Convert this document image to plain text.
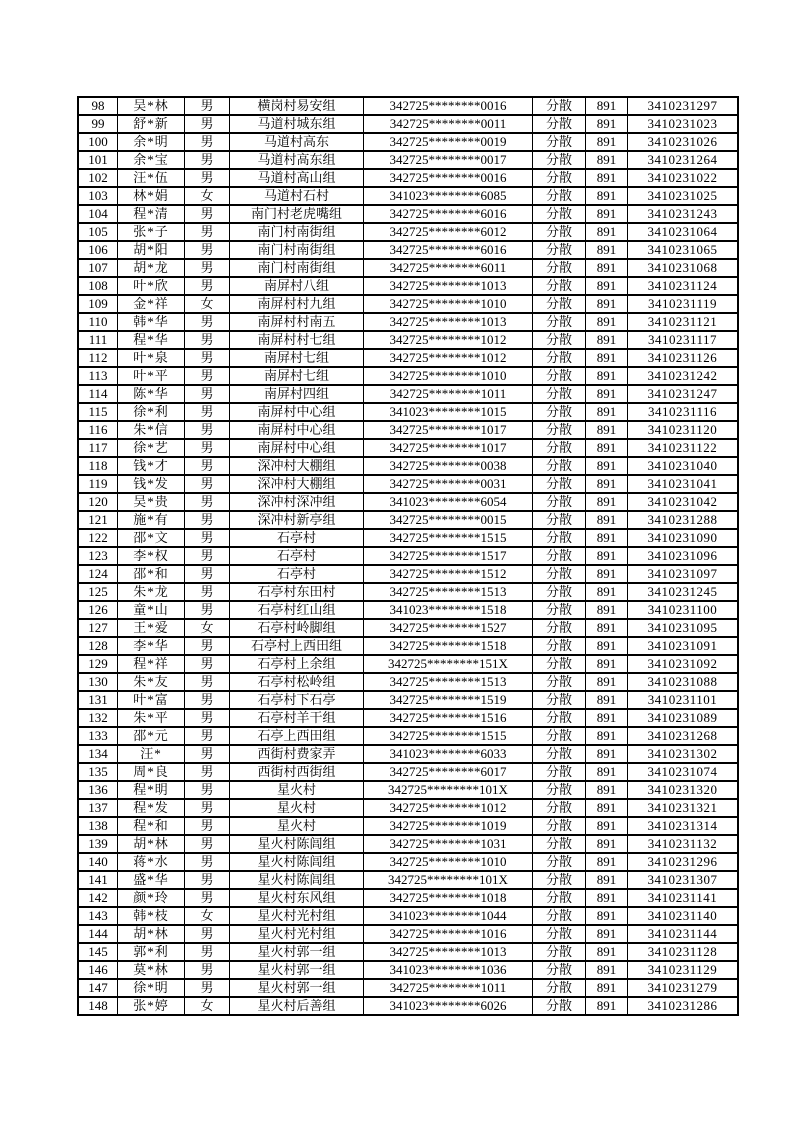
98	吴*林	男	横岗村易安组	342725********0016	分散	891	3410231297
99	舒*新	男	马道村城东组	342725********0011	分散	891	3410231023
100	余*明	男	马道村高东	342725********0019	分散	891	3410231026
101	余*宝	男	马道村高东组	342725********0017	分散	891	3410231264
102	汪*伍	男	马道村高山组	342725********0016	分散	891	3410231022
103	林*娟	女	马道村石村	341023********6085	分散	891	3410231025
104	程*清	男	南门村老虎嘴组	342725********6016	分散	891	3410231243
105	张*子	男	南门村南街组	342725********6012	分散	891	3410231064
106	胡*阳	男	南门村南街组	342725********6016	分散	891	3410231065
107	胡*龙	男	南门村南街组	342725********6011	分散	891	3410231068
108	叶*欣	男	南屏村八组	342725********1013	分散	891	3410231124
109	金*祥	女	南屏村村九组	342725********1010	分散	891	3410231119
110	韩*华	男	南屏村村南五	342725********1013	分散	891	3410231121
111	程*华	男	南屏村村七组	342725********1012	分散	891	3410231117
112	叶*泉	男	南屏村七组	342725********1012	分散	891	3410231126
113	叶*平	男	南屏村七组	342725********1010	分散	891	3410231242
114	陈*华	男	南屏村四组	342725********1011	分散	891	3410231247
115	徐*利	男	南屏村中心组	341023********1015	分散	891	3410231116
116	朱*信	男	南屏村中心组	342725********1017	分散	891	3410231120
117	徐*艺	男	南屏村中心组	342725********1017	分散	891	3410231122
118	钱*才	男	深冲村大棚组	342725********0038	分散	891	3410231040
119	钱*发	男	深冲村大棚组	342725********0031	分散	891	3410231041
120	吴*贵	男	深冲村深冲组	341023********6054	分散	891	3410231042
121	施*有	男	深冲村新亭组	342725********0015	分散	891	3410231288
122	邵*文	男	石亭村	342725********1515	分散	891	3410231090
123	李*权	男	石亭村	342725********1517	分散	891	3410231096
124	邵*和	男	石亭村	342725********1512	分散	891	3410231097
125	朱*龙	男	石亭村东田村	342725********1513	分散	891	3410231245
126	童*山	男	石亭村红山组	341023********1518	分散	891	3410231100
127	王*爱	女	石亭村岭脚组	342725********1527	分散	891	3410231095
128	李*华	男	石亭村上西田组	342725********1518	分散	891	3410231091
129	程*祥	男	石亭村上余组	342725********151X	分散	891	3410231092
130	朱*友	男	石亭村松岭组	342725********1513	分散	891	3410231088
131	叶*富	男	石亭村下石亭	342725********1519	分散	891	3410231101
132	朱*平	男	石亭村羊干组	342725********1516	分散	891	3410231089
133	邵*元	男	石亭上西田组	342725********1515	分散	891	3410231268
134	汪*	男	西街村费家弄	341023********6033	分散	891	3410231302
135	周*良	男	西街村西街组	342725********6017	分散	891	3410231074
136	程*明	男	星火村	342725********101X	分散	891	3410231320
137	程*发	男	星火村	342725********1012	分散	891	3410231321
138	程*和	男	星火村	342725********1019	分散	891	3410231314
139	胡*林	男	星火村陈闾组	342725********1031	分散	891	3410231132
140	蒋*水	男	星火村陈闾组	342725********1010	分散	891	3410231296
141	盛*华	男	星火村陈闾组	342725********101X	分散	891	3410231307
142	颜*玲	男	星火村东风组	342725********1018	分散	891	3410231141
143	韩*枝	女	星火村光村组	341023********1044	分散	891	3410231140
144	胡*林	男	星火村光村组	342725********1016	分散	891	3410231144
145	郭*利	男	星火村郭一组	342725********1013	分散	891	3410231128
146	莫*林	男	星火村郭一组	341023********1036	分散	891	3410231129
147	徐*明	男	星火村郭一组	342725********1011	分散	891	3410231279
148	张*婷	女	星火村后善组	341023********6026	分散	891	3410231286
